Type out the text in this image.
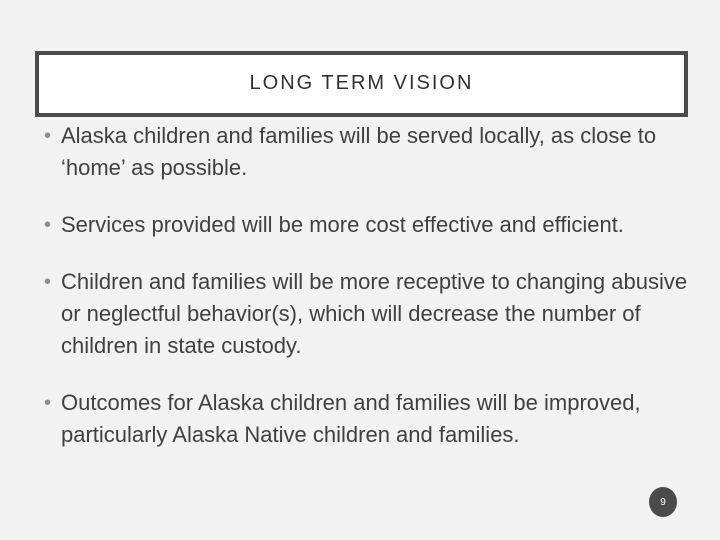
LONG TERM VISION
• Alaska children and families will be served locally, as close to ‘home’ as possible.
• Services provided will be more cost effective and efficient.
• Children and families will be more receptive to changing abusive or neglectful behavior(s), which will decrease the number of children in state custody.
• Outcomes for Alaska children and families will be improved, particularly Alaska Native children and families.
9
